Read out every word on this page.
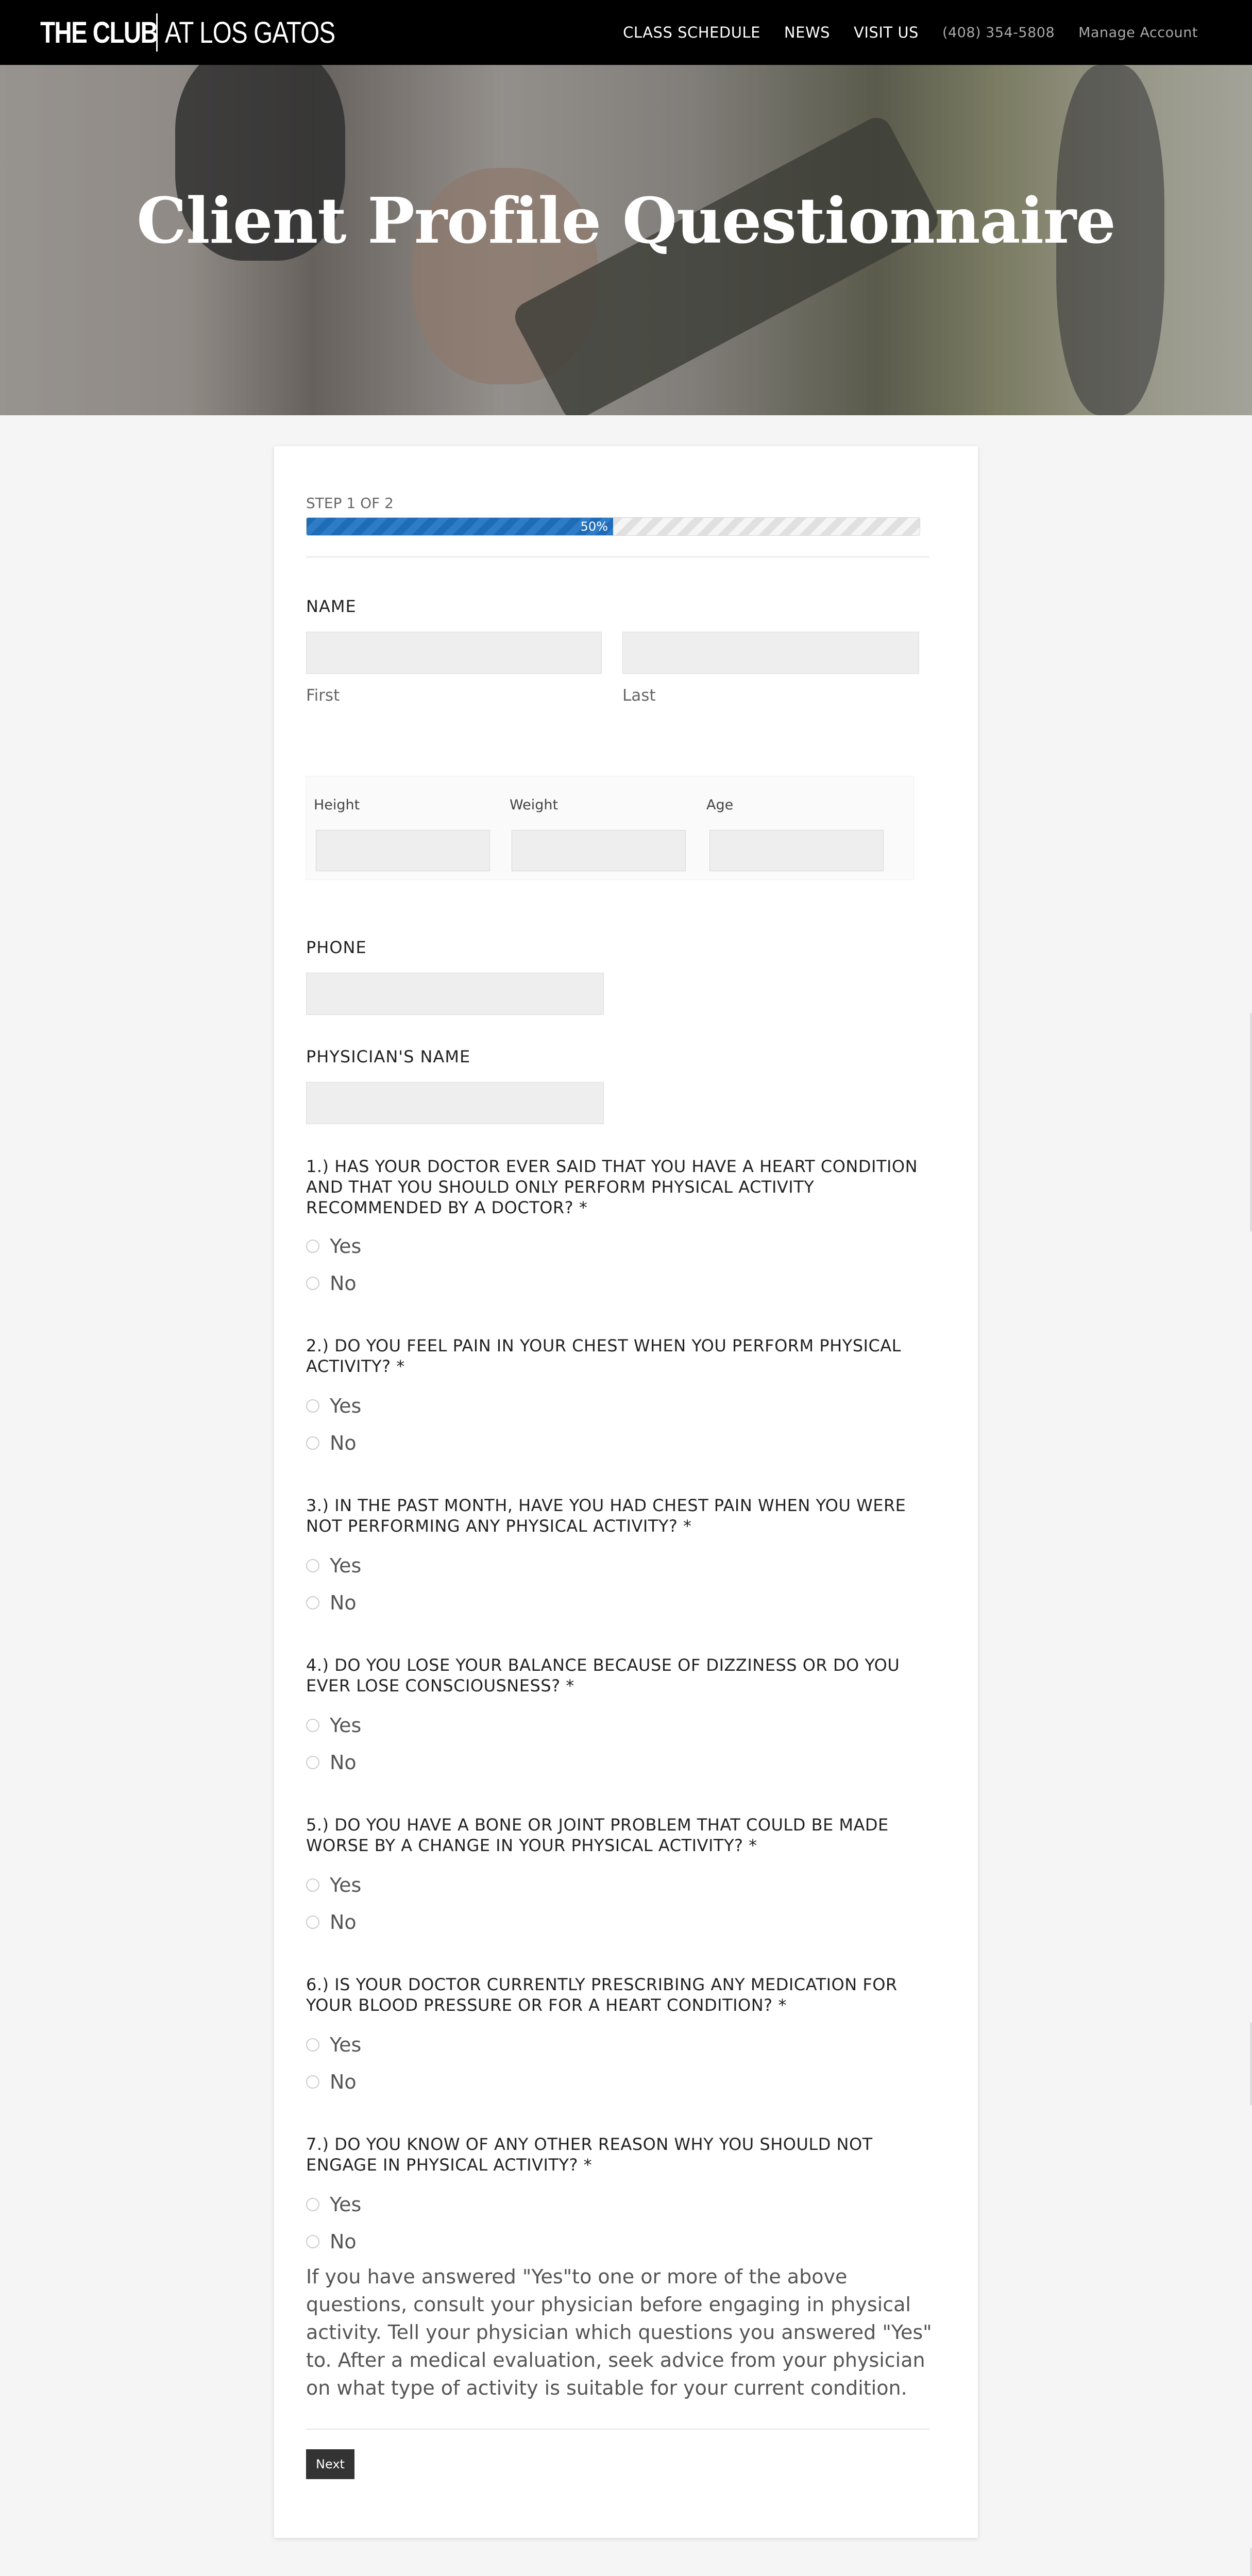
THE CLUB AT LOS GATOS	CLASS SCHEDULE NEWS VISIT US (408) 354-5808 Manage Account
Client Profile Questionnaire
STEP 1 OF 2
50%
NAME
First	Last
Height	Weight	Age
PHONE
PHYSICIAN'S NAME
1.) HAS YOUR DOCTOR EVER SAID THAT YOU HAVE A HEART CONDITION AND THAT YOU SHOULD ONLY PERFORM PHYSICAL ACTIVITY RECOMMENDED BY A DOCTOR? *
Yes
No
2.) DO YOU FEEL PAIN IN YOUR CHEST WHEN YOU PERFORM PHYSICAL ACTIVITY? *
Yes
No
3.) IN THE PAST MONTH, HAVE YOU HAD CHEST PAIN WHEN YOU WERE NOT PERFORMING ANY PHYSICAL ACTIVITY? *
Yes
No
4.) DO YOU LOSE YOUR BALANCE BECAUSE OF DIZZINESS OR DO YOU EVER LOSE CONSCIOUSNESS? *
Yes
No
5.) DO YOU HAVE A BONE OR JOINT PROBLEM THAT COULD BE MADE WORSE BY A CHANGE IN YOUR PHYSICAL ACTIVITY? *
Yes
No
6.) IS YOUR DOCTOR CURRENTLY PRESCRIBING ANY MEDICATION FOR YOUR BLOOD PRESSURE OR FOR A HEART CONDITION? *
Yes
No
7.) DO YOU KNOW OF ANY OTHER REASON WHY YOU SHOULD NOT ENGAGE IN PHYSICAL ACTIVITY? *
Yes
No
If you have answered "Yes"to one or more of the above questions, consult your physician before engaging in physical activity. Tell your physician which questions you answered "Yes" to. After a medical evaluation, seek advice from your physician on what type of activity is suitable for your current condition.
Next
